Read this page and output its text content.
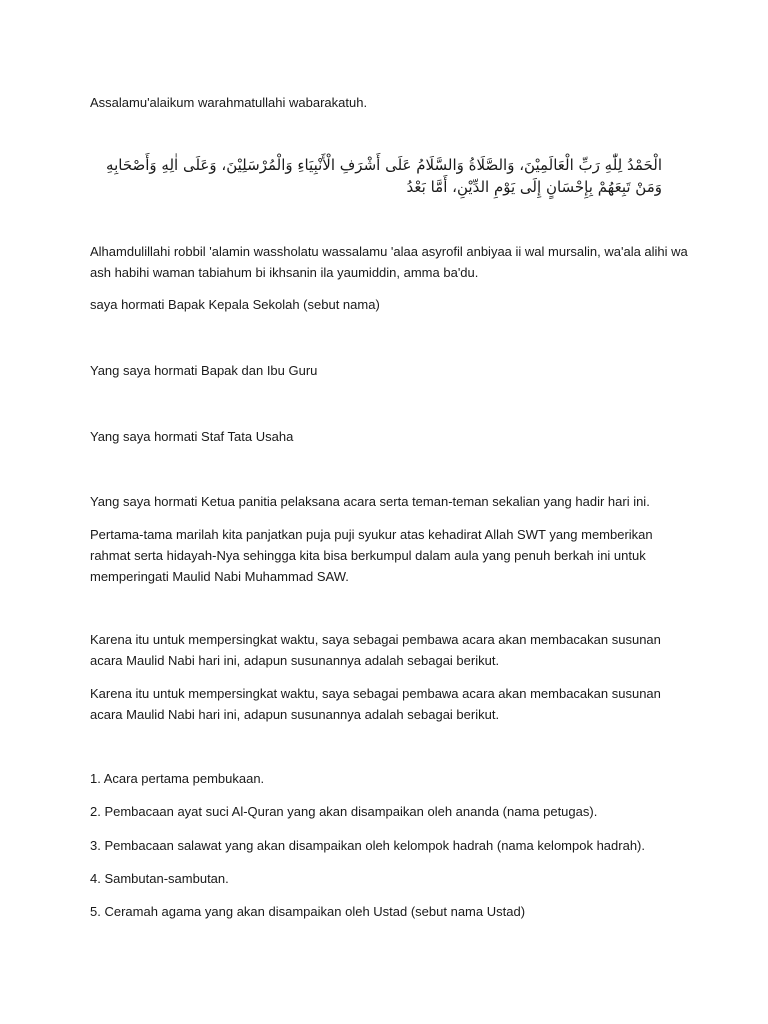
Assalamu'alaikum warahmatullahi wabarakatuh.

الْحَمْدُ لِلّٰهِ رَبِّ الْعَالَمِيْنَ، وَالصَّلَاةُ وَالسَّلَامُ عَلَى أَشْرَفِ الْأَنْبِيَاءِ وَالْمُرْسَلِيْنَ، وَعَلَى اٰلِهِ وَأَصْحَابِهِ وَمَنْ تَبِعَهُمْ بِإِحْسَانٍ إِلَى يَوْمِ الدِّيْنِ، أَمَّا بَعْدُ

Alhamdulillahi robbil 'alamin wassholatu wassalamu 'alaa asyrofil anbiyaa ii wal mursalin, wa'ala alihi wa ash habihi waman tabiahum bi ikhsanin ila yaumiddin, amma ba'du.

saya hormati Bapak Kepala Sekolah (sebut nama)

Yang saya hormati Bapak dan Ibu Guru

Yang saya hormati Staf Tata Usaha

Yang saya hormati Ketua panitia pelaksana acara serta teman-teman sekalian yang hadir hari ini.

Pertama-tama marilah kita panjatkan puja puji syukur atas kehadirat Allah SWT yang memberikan rahmat serta hidayah-Nya sehingga kita bisa berkumpul dalam aula yang penuh berkah ini untuk memperingati Maulid Nabi Muhammad SAW.

Karena itu untuk mempersingkat waktu, saya sebagai pembawa acara akan membacakan susunan acara Maulid Nabi hari ini, adapun susunannya adalah sebagai berikut.

Karena itu untuk mempersingkat waktu, saya sebagai pembawa acara akan membacakan susunan acara Maulid Nabi hari ini, adapun susunannya adalah sebagai berikut.

1. Acara pertama pembukaan.

2. Pembacaan ayat suci Al-Quran yang akan disampaikan oleh ananda (nama petugas).

3. Pembacaan salawat yang akan disampaikan oleh kelompok hadrah (nama kelompok hadrah).

4. Sambutan-sambutan.

5. Ceramah agama yang akan disampaikan oleh Ustad (sebut nama Ustad)
